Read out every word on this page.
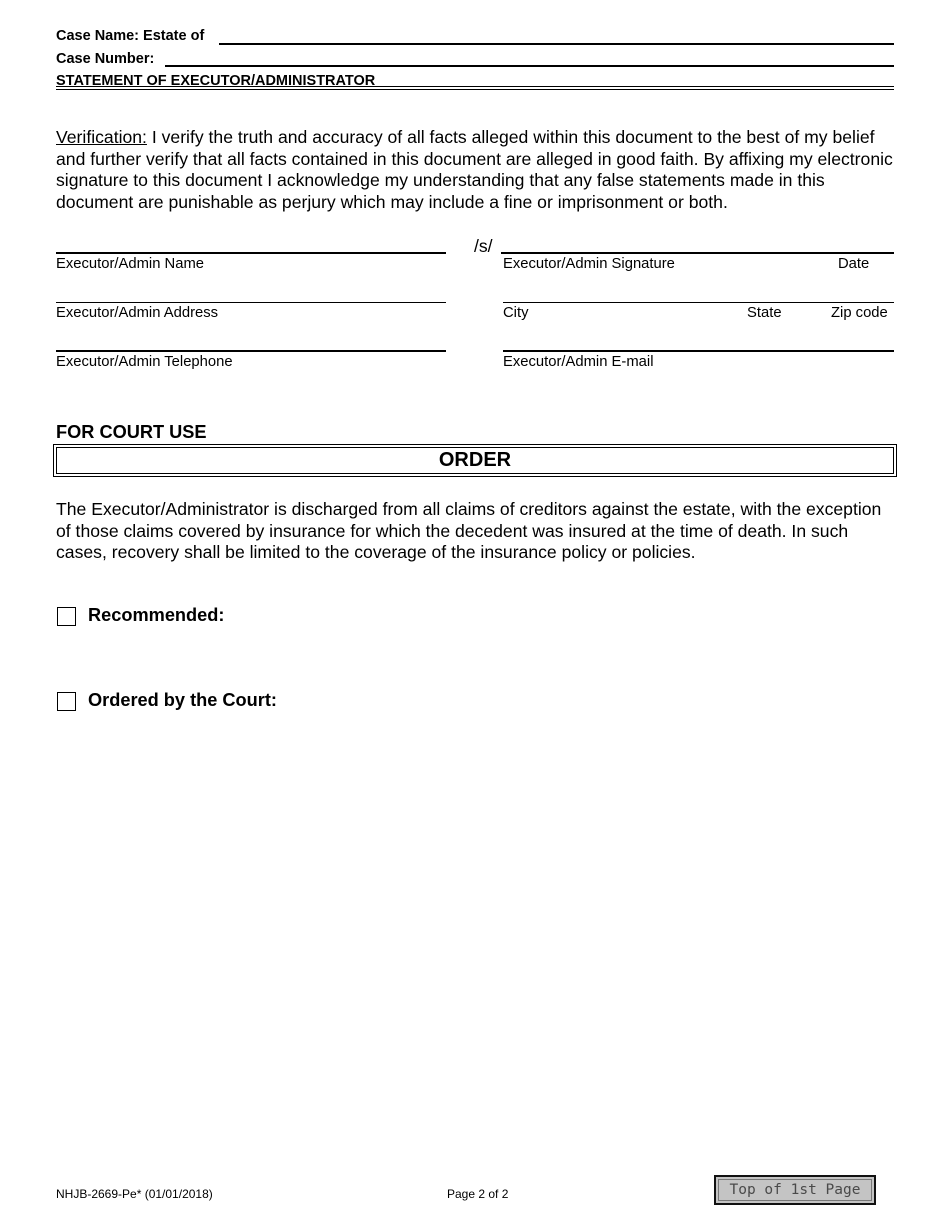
Case Name: Estate of
Case Number:
STATEMENT OF EXECUTOR/ADMINISTRATOR
Verification: I verify the truth and accuracy of all facts alleged within this document to the best of my belief and further verify that all facts contained in this document are alleged in good faith. By affixing my electronic signature to this document I acknowledge my understanding that any false statements made in this document are punishable as perjury which may include a fine or imprisonment or both.
/s/
Executor/Admin Name	Executor/Admin Signature	Date
Executor/Admin Address	City	State	Zip code
Executor/Admin Telephone	Executor/Admin E-mail
FOR COURT USE
ORDER
The Executor/Administrator is discharged from all claims of creditors against the estate, with the exception of those claims covered by insurance for which the decedent was insured at the time of death. In such cases, recovery shall be limited to the coverage of the insurance policy or policies.
Recommended:
Ordered by the Court:
NHJB-2669-Pe* (01/01/2018)	Page 2 of 2	Top of 1st Page
